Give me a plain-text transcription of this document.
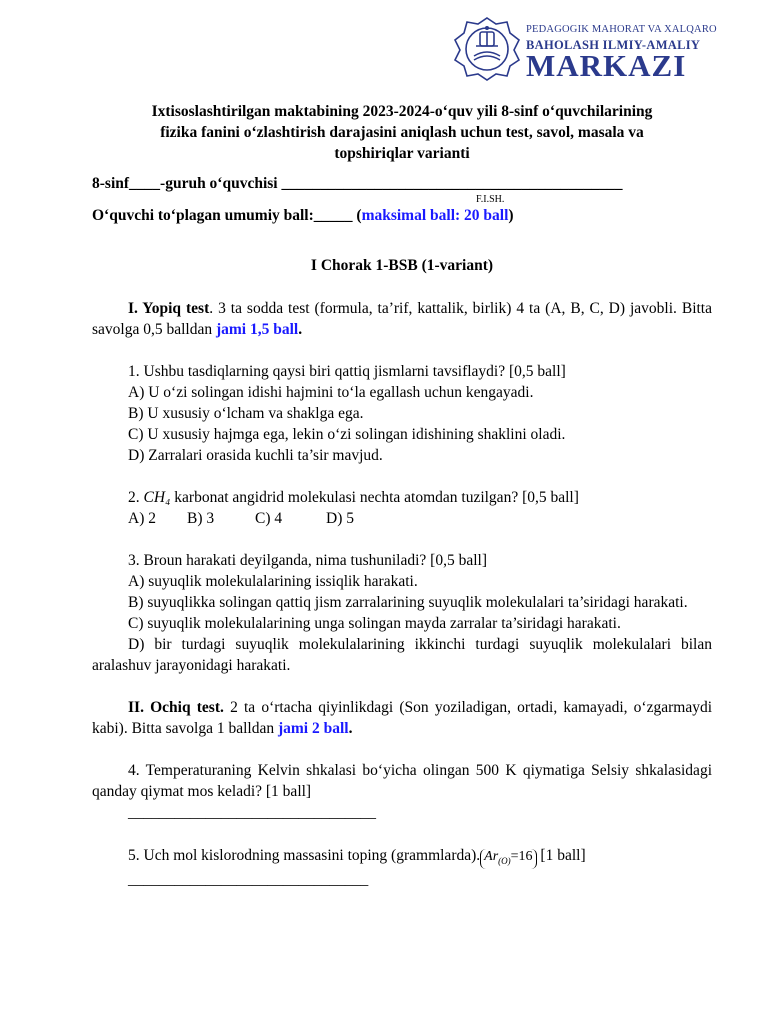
PEDAGOGIK MAHORAT VA XALQARO
BAHOLASH ILMIY-AMALIY
MARKAZI
Ixtisoslashtirilgan maktabining 2023-2024-o‘quv yili 8-sinf o‘quvchilarining
fizika fanini o‘zlashtirish darajasini aniqlash uchun test, savol, masala va
topshiriqlar varianti
8-sinf____-guruh o‘quvchisi ____________________________________________
F.I.SH.
O‘quvchi to‘plagan umumiy ball:_____ (maksimal ball: 20 ball)
I Chorak 1-BSB (1-variant)

I. Yopiq test. 3 ta sodda test (formula, ta’rif, kattalik, birlik) 4 ta (A, B, C, D) javobli. Bitta savolga 0,5 balldan jami 1,5 ball.

1. Ushbu tasdiqlarning qaysi biri qattiq jismlarni tavsiflaydi? [0,5 ball]
A) U o‘zi solingan idishi hajmini to‘la egallash uchun kengayadi.
B) U xususiy o‘lcham va shaklga ega.
C) U xususiy hajmga ega, lekin o‘zi solingan idishining shaklini oladi.
D) Zarralari orasida kuchli ta’sir mavjud.
2. CH₄ karbonat angidrid molekulasi nechta atomdan tuzilgan? [0,5 ball]
A) 2 B) 3	C) 4	D) 5
3. Broun harakati deyilganda, nima tushuniladi? [0,5 ball]
A) suyuqlik molekulalarining issiqlik harakati.

B) suyuqlikka solingan qattiq jism zarralarining suyuqlik molekulalari ta’siridagi harakati.

C) suyuqlik molekulalarining unga solingan mayda zarralar ta’siridagi harakati.

D) bir turdagi suyuqlik molekulalarining ikkinchi turdagi suyuqlik molekulalari bilan aralashuv jarayonidagi harakati.

II. Ochiq test. 2 ta o‘rtacha qiyinlikdagi (Son yoziladigan, ortadi, kamayadi, o‘zgarmaydi kabi). Bitta savolga 1 balldan jami 2 ball.

4. Temperaturaning Kelvin shkalasi bo‘yicha olingan 500 K qiymatiga Selsiy shkalasidagi qanday qiymat mos keladi? [1 ball]

________________________________
5. Uch mol kislorodning massasini toping (grammlarda). $Ar_{(O)}=16$ [1 ball]
_______________________________
